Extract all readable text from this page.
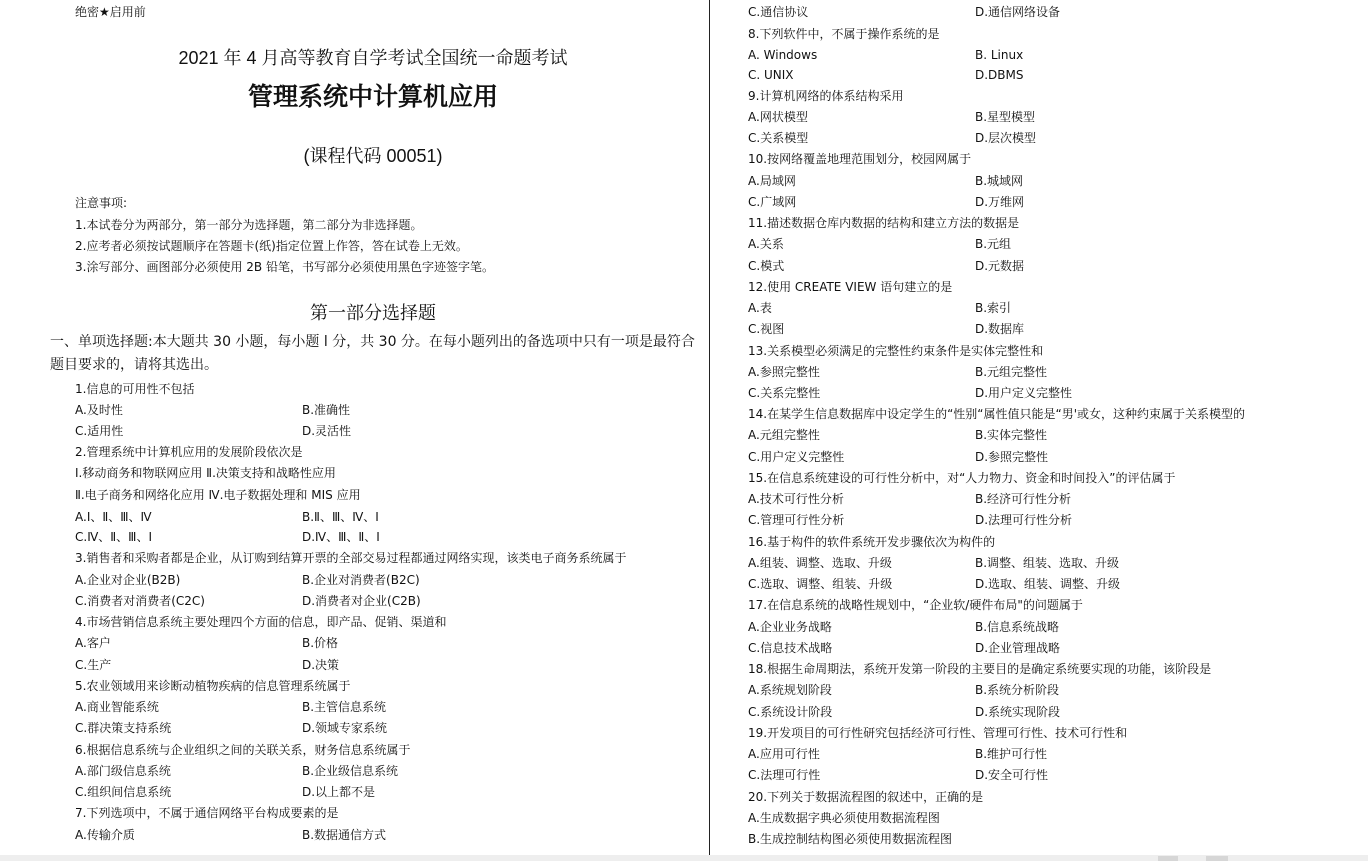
绝密★启用前
2021 年 4 月高等教育自学考试全国统一命题考试
管理系统中计算机应用
(课程代码 00051)
注意事项:
1.本试卷分为两部分，第一部分为选择题，第二部分为非选择题。
2.应考者必须按试题顺序在答题卡(纸)指定位置上作答，答在试卷上无效。
3.涂写部分、画图部分必须使用 2B 铅笔，书写部分必须使用黑色字迹签字笔。
第一部分选择题
一、单项选择题:本大题共 30 小题，每小题 l 分，共 30 分。在每小题列出的备选项中只有一项是最符合
题目要求的，请将其选出。
1.信息的可用性不包括
A.及时性	B.准确性
C.适用性	D.灵活性
2.管理系统中计算机应用的发展阶段依次是
Ⅰ.移动商务和物联网应用 Ⅱ.决策支持和战略性应用
Ⅱ.电子商务和网络化应用 Ⅳ.电子数据处理和 MIS 应用
A.Ⅰ、Ⅱ、Ⅲ、Ⅳ	B.Ⅱ、Ⅲ、Ⅳ、Ⅰ
C.Ⅳ、Ⅱ、Ⅲ、Ⅰ	D.Ⅳ、Ⅲ、Ⅱ、Ⅰ
3.销售者和采购者都是企业，从订购到结算开票的全部交易过程都通过网络实现，该类电子商务系统属于
A.企业对企业(B2B)	B.企业对消费者(B2C)
C.消费者对消费者(C2C)	D.消费者对企业(C2B)
4.市场营销信息系统主要处理四个方面的信息，即产品、促销、渠道和
A.客户	B.价格
C.生产	D.决策
5.农业领域用来诊断动植物疾病的信息管理系统属于
A.商业智能系统	B.主管信息系统
C.群决策支持系统	D.领域专家系统
6.根据信息系统与企业组织之间的关联关系，财务信息系统属于
A.部门级信息系统	B.企业级信息系统
C.组织间信息系统	D.以上都不是
7.下列选项中，不属于通信网络平台构成要素的是
A.传输介质	B.数据通信方式
C.通信协议	D.通信网络设备
8.下列软件中，不属于操作系统的是
A. Windows	B. Linux
C. UNIX	D.DBMS
9.计算机网络的体系结构采用
A.网状模型	B.星型模型
C.关系模型	D.层次模型
10.按网络覆盖地理范围划分，校园网属于
A.局域网	B.城域网
C.广域网	D.万维网
11.描述数据仓库内数据的结构和建立方法的数据是
A.关系	B.元组
C.模式	D.元数据
12.使用 CREATE VIEW 语句建立的是
A.表	B.索引
C.视图	D.数据库
13.关系模型必须满足的完整性约束条件是实体完整性和
A.参照完整性	B.元组完整性
C.关系完整性	D.用户定义完整性
14.在某学生信息数据库中设定学生的“性别“属性值只能是“男'或女，这种约束属于关系模型的
A.元组完整性	B.实体完整性
C.用户定义完整性	D.参照完整性
15.在信息系统建设的可行性分析中，对“人力物力、资金和时间投入”的评估属于
A.技术可行性分析	B.经济可行性分析
C.管理可行性分析	D.法理可行性分析
16.基于构件的软件系统开发步骤依次为构件的
A.组装、调整、选取、升级	B.调整、组装、选取、升级
C.选取、调整、组装、升级	D.选取、组装、调整、升级
17.在信息系统的战略性规划中，“企业软/硬件布局"的问题属于
A.企业业务战略	B.信息系统战略
C.信息技术战略	D.企业管理战略
18.根据生命周期法，系统开发第一阶段的主要目的是确定系统要实现的功能，该阶段是
A.系统规划阶段	B.系统分析阶段
C.系统设计阶段	D.系统实现阶段
19.开发项目的可行性研究包括经济可行性、管理可行性、技术可行性和
A.应用可行性	B.维护可行性
C.法理可行性	D.安全可行性
20.下列关于数据流程图的叙述中，正确的是
A.生成数据字典必须使用数据流程图
B.生成控制结构图必须使用数据流程图
